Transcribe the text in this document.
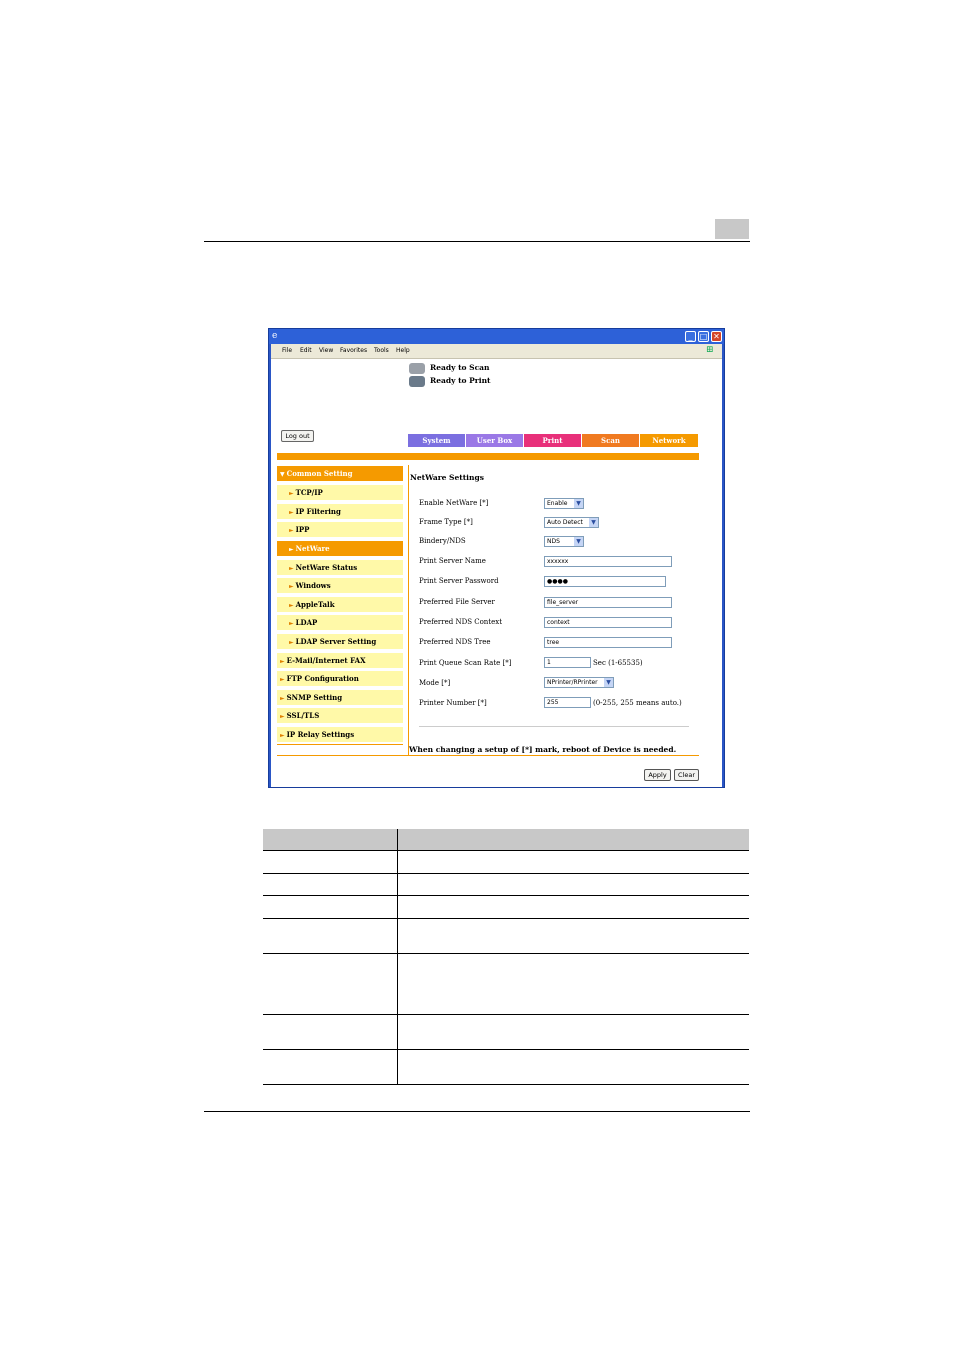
e	_ □ ✕
File Edit View Favorites Tools Help	⊞
Ready to Scan
Ready to Print
Log out	System	User Box	Print	Scan	Network
▼ Common Setting
► TCP/IP
► IP Filtering
► IPP
► NetWare
► NetWare Status
► Windows
► AppleTalk
► LDAP
► LDAP Server Setting
► E-Mail/Internet FAX
► FTP Configuration
► SNMP Setting
► SSL/TLS
► IP Relay Settings
NetWare Settings
Enable NetWare [*]	Enable	▼
Frame Type [*]	Auto Detect	▼
Bindery/NDS	NDS	▼
Print Server Name	xxxxxx
Print Server Password	●●●●
Preferred File Server	file_server
Preferred NDS Context	context
Preferred NDS Tree	tree
Print Queue Scan Rate [*]	1	Sec (1-65535)
Mode [*]	NPrinter/RPrinter	▼
Printer Number [*]	255	(0-255, 255 means auto.)
When changing a setup of [*] mark, reboot of Device is needed.
Apply	Clear
